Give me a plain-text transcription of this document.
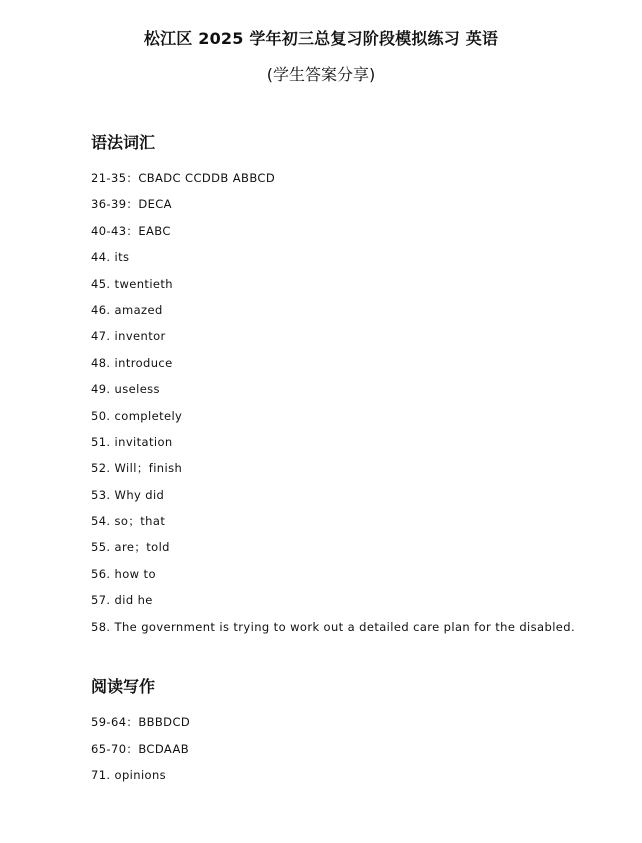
松江区 2025 学年初三总复习阶段模拟练习 英语
(学生答案分享)
语法词汇
21-35：CBADC CCDDB ABBCD
36-39：DECA
40-43：EABC
44. its
45. twentieth
46. amazed
47. inventor
48. introduce
49. useless
50. completely
51. invitation
52. Will；finish
53. Why did
54. so；that
55. are；told
56. how to
57. did he
58. The government is trying to work out a detailed care plan for the disabled.
阅读写作
59-64：BBBDCD
65-70：BCDAAB
71. opinions
